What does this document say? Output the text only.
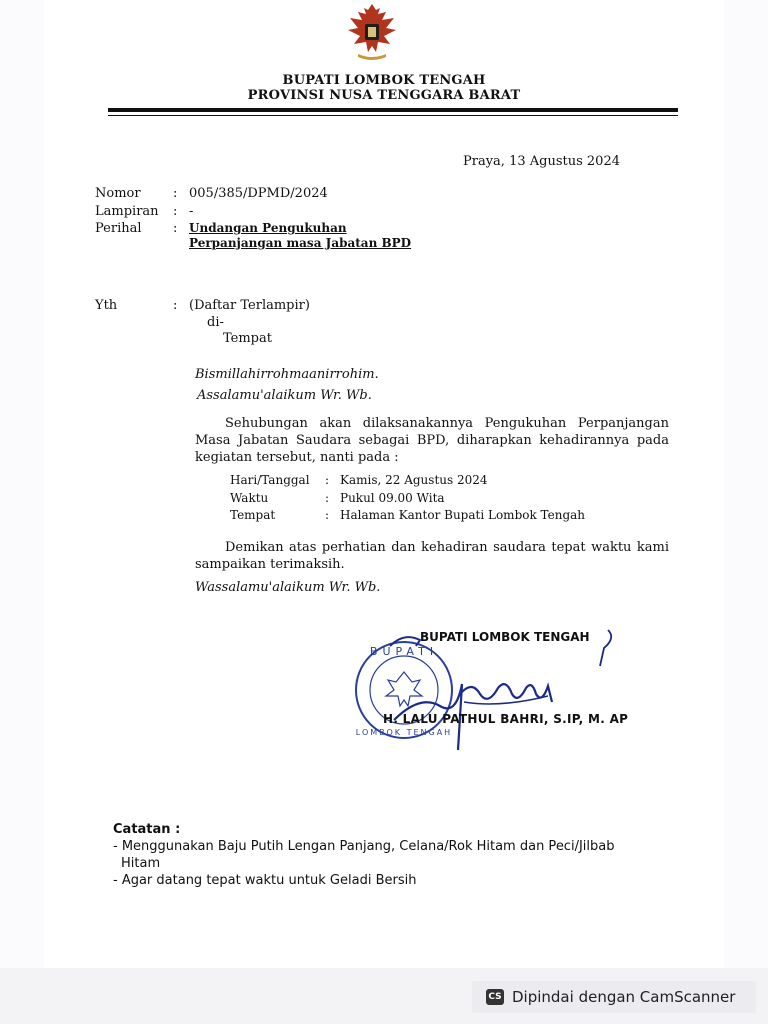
BUPATI LOMBOK TENGAH
PROVINSI NUSA TENGGARA BARAT
Praya, 13 Agustus 2024
Nomor : 005/385/DPMD/2024
Lampiran : -
Perihal : Undangan Pengukuhan
Perpanjangan masa Jabatan BPD
Yth	: (Daftar Terlampir)
di-
Tempat
Bismillahirrohmaanirrohim.
Assalamu'alaikum Wr. Wb.
Sehubungan akan dilaksanakannya Pengukuhan Perpanjangan
Masa Jabatan Saudara sebagai BPD, diharapkan kehadirannya pada
kegiatan tersebut, nanti pada :
Hari/Tanggal : Kamis, 22 Agustus 2024
Waktu	: Pukul 09.00 Wita
Tempat	: Halaman Kantor Bupati Lombok Tengah
Demikan atas perhatian dan kehadiran saudara tepat waktu kami
sampaikan terimaksih.
Wassalamu'alaikum Wr. Wb.
BUPATI
LOMBOK TENGAH
BUPATI LOMBOK TENGAH
H. LALU PATHUL BAHRI, S.IP, M. AP
Catatan :
- Menggunakan Baju Putih Lengan Panjang, Celana/Rok Hitam dan Peci/Jilbab
Hitam
- Agar datang tepat waktu untuk Geladi Bersih
CS Dipindai dengan CamScanner
